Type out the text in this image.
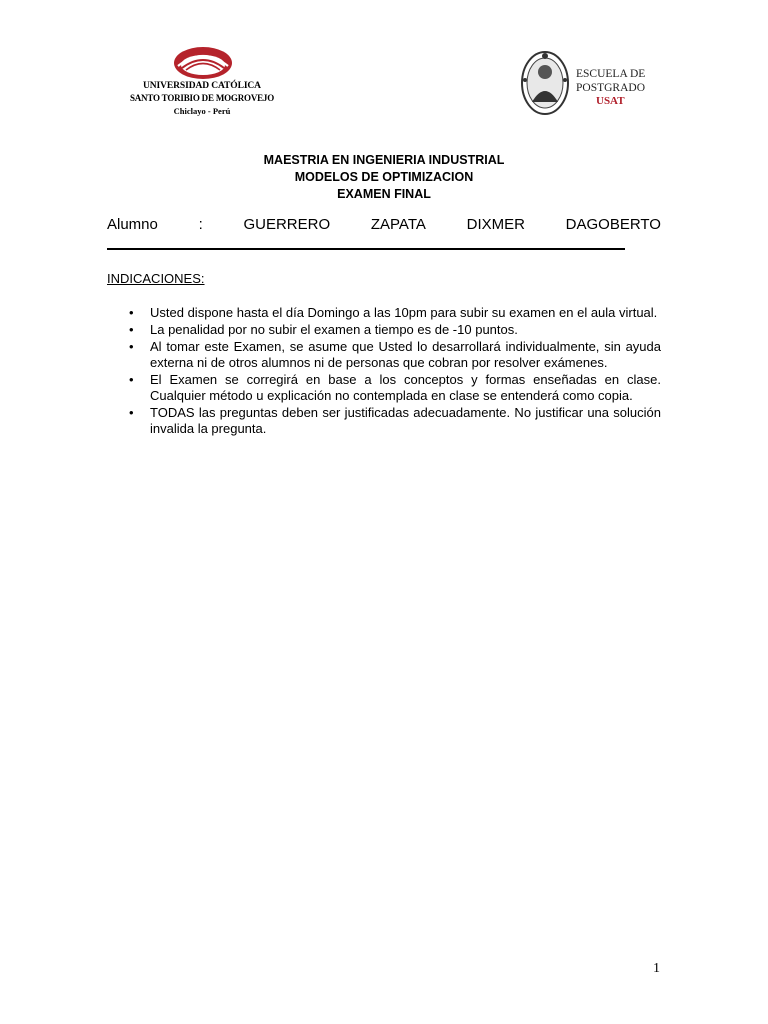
UNIVERSIDAD CATÓLICA
SANTO TORIBIO DE MOGROVEJO
Chiclayo - Perú
ESCUELA DE
POSTGRADO
USAT
MAESTRIA EN INGENIERIA INDUSTRIAL
MODELOS DE OPTIMIZACION
EXAMEN FINAL
Alumno	:	GUERRERO	ZAPATA	DIXMER	DAGOBERTO
INDICACIONES:
•	Usted dispone hasta el día Domingo a las 10pm para subir su examen en el aula virtual.
•	La penalidad por no subir el examen a tiempo es de -10 puntos.
•	Al tomar este Examen, se asume que Usted lo desarrollará individualmente, sin ayuda externa ni de otros alumnos ni de personas que cobran por resolver exámenes.
•	El Examen se corregirá en base a los conceptos y formas enseñadas en clase. Cualquier método u explicación no contemplada en clase se entenderá como copia.
•	TODAS las preguntas deben ser justificadas adecuadamente. No justificar una solución invalida la pregunta.
1
